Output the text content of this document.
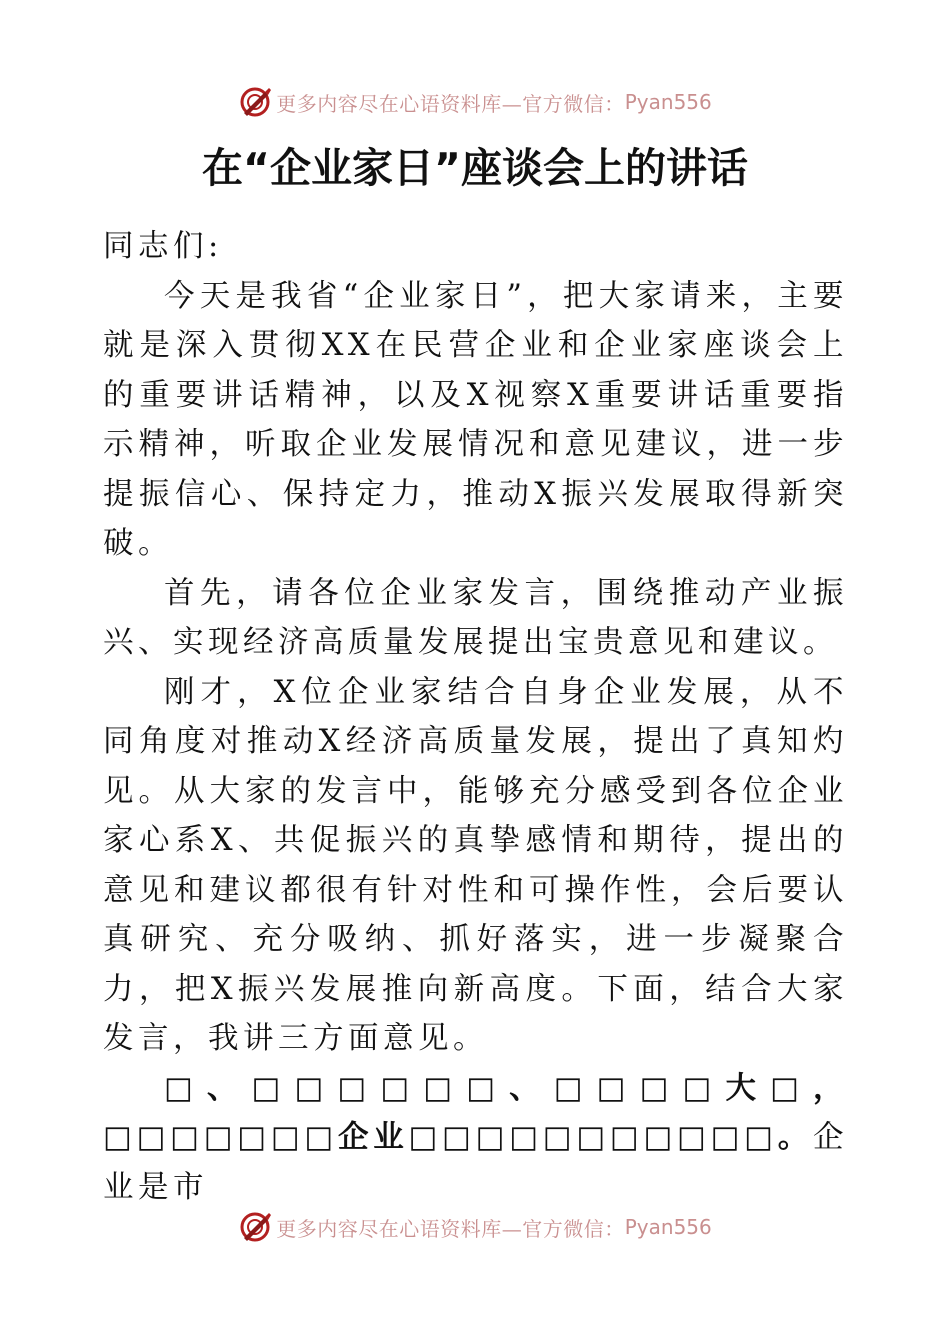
更多内容尽在心语资料库—官方微信： Pyan556
在“企业家日”座谈会上的讲话

同志们:

今天是我省“企业家日”，把大家请来，主要就是深入贯彻XX在民营企业和企业家座谈会上的重要讲话精神，以及X视察X重要讲话重要指示精神，听取企业发展情况和意见建议，进一步提振信心、保持定力，推动X振兴发展取得新突破。

首先，请各位企业家发言，围绕推动产业振兴、实现经济高质量发展提出宝贵意见和建议。

刚才，X位企业家结合自身企业发展，从不同角度对推动X经济高质量发展，提出了真知灼见。从大家的发言中，能够充分感受到各位企业家心系X、共促振兴的真挚感情和期待，提出的意见和建议都很有针对性和可操作性，会后要认真研究、充分吸纳、抓好落实，进一步凝聚合力，把X振兴发展推向新高度。下面，结合大家发言，我讲三方面意见。

□、□□□□□□、□□□□大□，□□□□□□□企业□□□□□□□□□□□。企业是市

更多内容尽在心语资料库—官方微信： Pyan556
